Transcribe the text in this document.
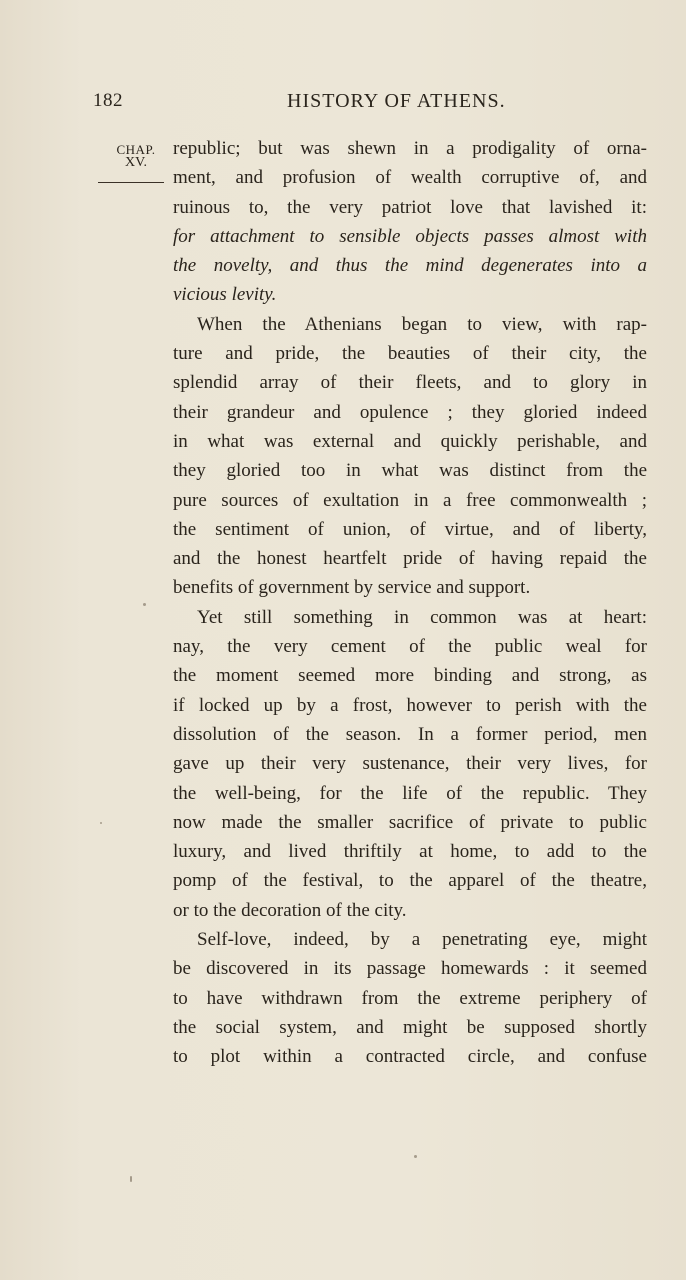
182	HISTORY OF ATHENS.
CHAP.
XV.
republic; but was shewn in a prodigality of orna-
ment, and profusion of wealth corruptive of, and
ruinous to, the very patriot love that lavished it:
for attachment to sensible objects passes almost with
the novelty, and thus the mind degenerates into a
vicious levity.
When the Athenians began to view, with rap-
ture and pride, the beauties of their city, the
splendid array of their fleets, and to glory in
their grandeur and opulence ; they gloried indeed
in what was external and quickly perishable, and
they gloried too in what was distinct from the
pure sources of exultation in a free commonwealth ;
the sentiment of union, of virtue, and of liberty,
and the honest heartfelt pride of having repaid the
benefits of government by service and support.
Yet still something in common was at heart:
nay, the very cement of the public weal for
the moment seemed more binding and strong, as
if locked up by a frost, however to perish with the
dissolution of the season. In a former period, men
gave up their very sustenance, their very lives, for
the well-being, for the life of the republic. They
now made the smaller sacrifice of private to public
luxury, and lived thriftily at home, to add to the
pomp of the festival, to the apparel of the theatre,
or to the decoration of the city.
Self-love, indeed, by a penetrating eye, might
be discovered in its passage homewards : it seemed
to have withdrawn from the extreme periphery of
the social system, and might be supposed shortly
to plot within a contracted circle, and confuse
